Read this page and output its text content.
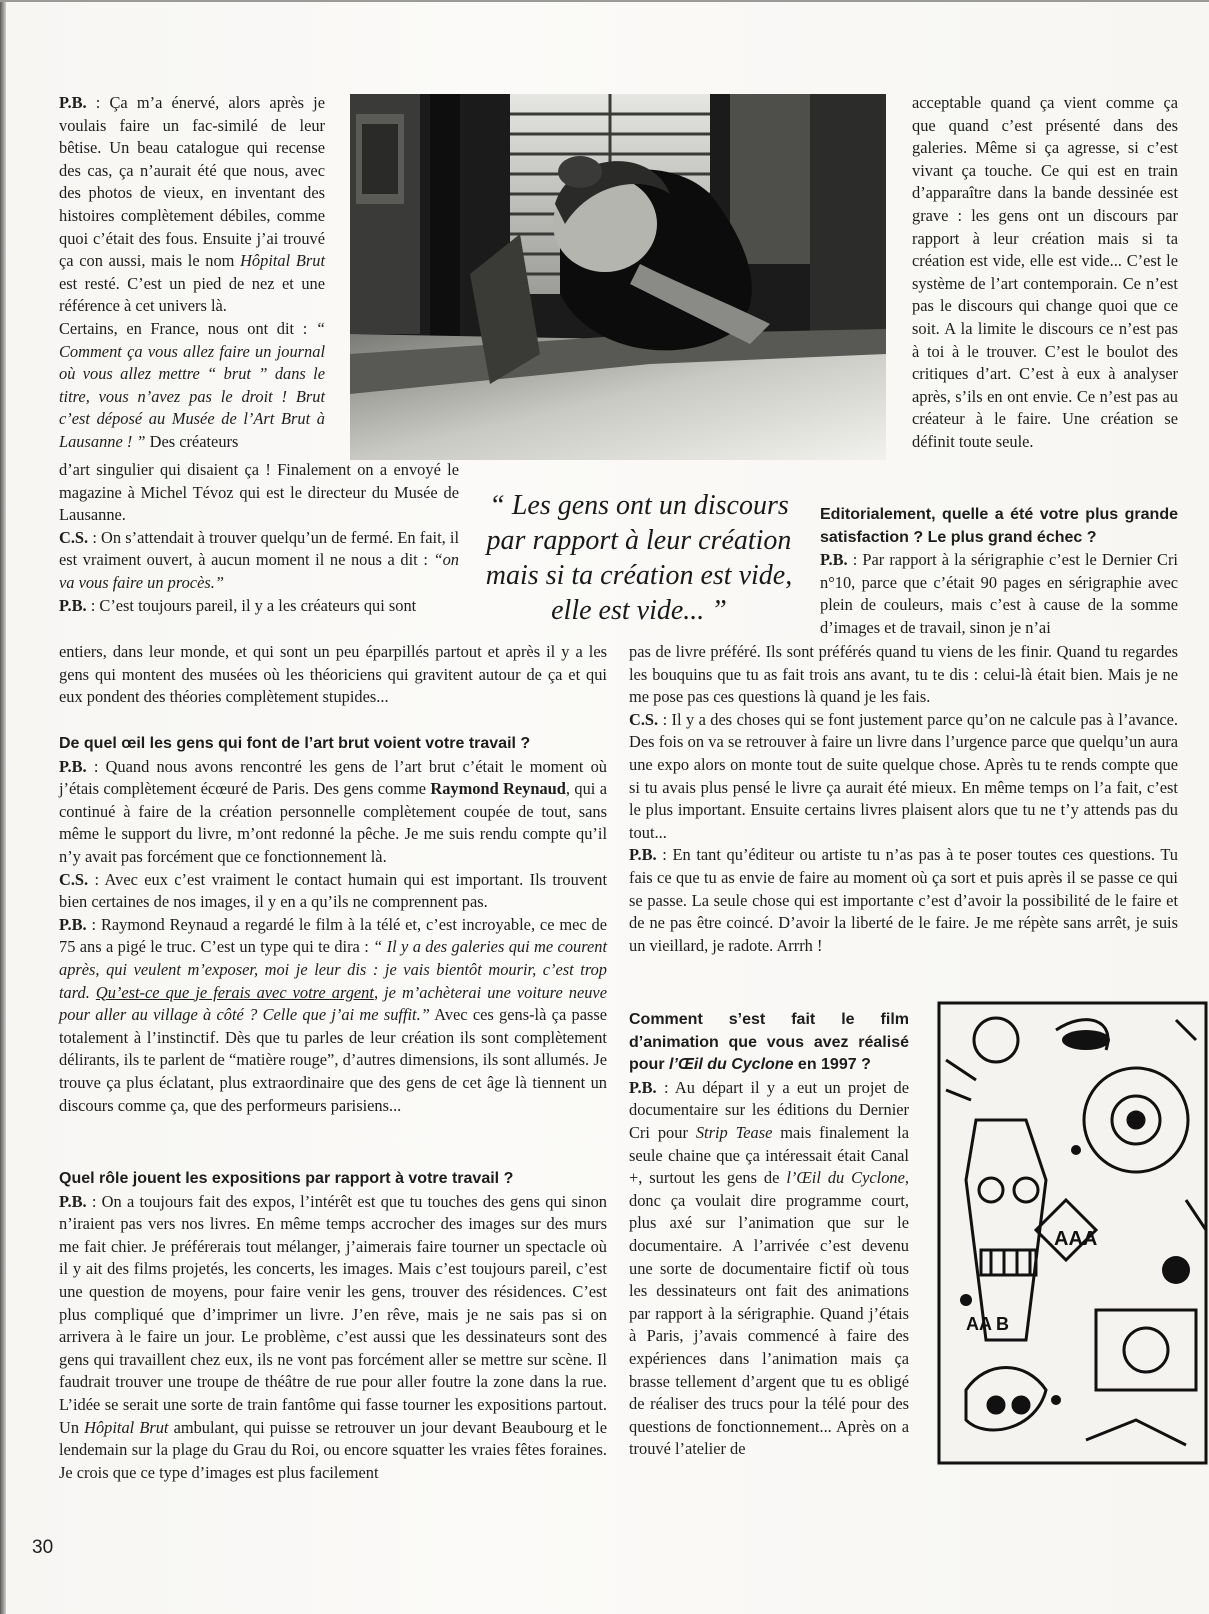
P.B. : Ça m’a énervé, alors après je voulais faire un fac-similé de leur bêtise. Un beau catalogue qui recense des cas, ça n’aurait été que nous, avec des photos de vieux, en inventant des histoires complètement débiles, comme quoi c’était des fous. Ensuite j’ai trouvé ça con aussi, mais le nom Hôpital Brut est resté. C’est un pied de nez et une référence à cet univers là.

Certains, en France, nous ont dit : “ Comment ça vous allez faire un journal où vous allez mettre “ brut ” dans le titre, vous n’avez pas le droit ! Brut c’est déposé au Musée de l’Art Brut à Lausanne ! ” Des créateurs

d’art singulier qui disaient ça ! Finalement on a envoyé le magazine à Michel Tévoz qui est le directeur du Musée de Lausanne.

C.S. : On s’attendait à trouver quelqu’un de fermé. En fait, il est vraiment ouvert, à aucun moment il ne nous a dit : “on va vous faire un procès.”

P.B. : C’est toujours pareil, il y a les créateurs qui sont

“ Les gens ont un discours par rapport à leur création mais si ta création est vide, elle est vide... ”

entiers, dans leur monde, et qui sont un peu éparpillés partout et après il y a les gens qui montent des musées où les théoriciens qui gravitent autour de ça et qui eux pondent des théories complètement stupides...

De quel œil les gens qui font de l’art brut voient votre travail ?

P.B. : Quand nous avons rencontré les gens de l’art brut c’était le moment où j’étais complètement écœuré de Paris. Des gens comme Raymond Reynaud, qui a continué à faire de la création personnelle complètement coupée de tout, sans même le support du livre, m’ont redonné la pêche. Je me suis rendu compte qu’il n’y avait pas forcément que ce fonctionnement là.

C.S. : Avec eux c’est vraiment le contact humain qui est important. Ils trouvent bien certaines de nos images, il y en a qu’ils ne comprennent pas.

P.B. : Raymond Reynaud a regardé le film à la télé et, c’est incroyable, ce mec de 75 ans a pigé le truc. C’est un type qui te dira : “ Il y a des galeries qui me courent après, qui veulent m’exposer, moi je leur dis : je vais bientôt mourir, c’est trop tard. Qu’est-ce que je ferais avec votre argent, je m’achèterai une voiture neuve pour aller au village à côté ? Celle que j’ai me suffit.” Avec ces gens-là ça passe totalement à l’instinctif. Dès que tu parles de leur création ils sont complètement délirants, ils te parlent de “matière rouge”, d’autres dimensions, ils sont allumés. Je trouve ça plus éclatant, plus extraordinaire que des gens de cet âge là tiennent un discours comme ça, que des performeurs parisiens...

Quel rôle jouent les expositions par rapport à votre travail ?

P.B. : On a toujours fait des expos, l’intérêt est que tu touches des gens qui sinon n’iraient pas vers nos livres. En même temps accrocher des images sur des murs me fait chier. Je préférerais tout mélanger, j’aimerais faire tourner un spectacle où il y ait des films projetés, les concerts, les images. Mais c’est toujours pareil, c’est une question de moyens, pour faire venir les gens, trouver des résidences. C’est plus compliqué que d’imprimer un livre. J’en rêve, mais je ne sais pas si on arrivera à le faire un jour. Le problème, c’est aussi que les dessinateurs sont des gens qui travaillent chez eux, ils ne vont pas forcément aller se mettre sur scène. Il faudrait trouver une troupe de théâtre de rue pour aller foutre la zone dans la rue. L’idée se serait une sorte de train fantôme qui fasse tourner les expositions partout. Un Hôpital Brut ambulant, qui puisse se retrouver un jour devant Beaubourg et le lendemain sur la plage du Grau du Roi, ou encore squatter les vraies fêtes foraines. Je crois que ce type d’images est plus facilement

acceptable quand ça vient comme ça que quand c’est présenté dans des galeries. Même si ça agresse, si c’est vivant ça touche. Ce qui est en train d’apparaître dans la bande dessinée est grave : les gens ont un discours par rapport à leur création mais si ta création est vide, elle est vide... C’est le système de l’art contemporain. Ce n’est pas le discours qui change quoi que ce soit. A la limite le discours ce n’est pas à toi à le trouver. C’est le boulot des critiques d’art. C’est à eux à analyser après, s’ils en ont envie. Ce n’est pas au créateur à le faire. Une création se définit toute seule.

Editorialement, quelle a été votre plus grande satisfaction ? Le plus grand échec ?

P.B. : Par rapport à la sérigraphie c’est le Dernier Cri n°10, parce que c’était 90 pages en sérigraphie avec plein de couleurs, mais c’est à cause de la somme d’images et de travail, sinon je n’ai

pas de livre préféré. Ils sont préférés quand tu viens de les finir. Quand tu regardes les bouquins que tu as fait trois ans avant, tu te dis : celui-là était bien. Mais je ne me pose pas ces questions là quand je les fais.

C.S. : Il y a des choses qui se font justement parce qu’on ne calcule pas à l’avance. Des fois on va se retrouver à faire un livre dans l’urgence parce que quelqu’un aura une expo alors on monte tout de suite quelque chose. Après tu te rends compte que si tu avais plus pensé le livre ça aurait été mieux. En même temps on l’a fait, c’est le plus important. Ensuite certains livres plaisent alors que tu ne t’y attends pas du tout...

P.B. : En tant qu’éditeur ou artiste tu n’as pas à te poser toutes ces questions. Tu fais ce que tu as envie de faire au moment où ça sort et puis après il se passe ce qui se passe. La seule chose qui est importante c’est d’avoir la possibilité de le faire et de ne pas être coincé. D’avoir la liberté de le faire. Je me répète sans arrêt, je suis un vieillard, je radote. Arrrh !

Comment s’est fait le film d’animation que vous avez réalisé pour l’Œil du Cyclone en 1997 ?

P.B. : Au départ il y a eut un projet de documentaire sur les éditions du Dernier Cri pour Strip Tease mais finalement la seule chaine que ça intéressait était Canal +, surtout les gens de l’Œil du Cyclone, donc ça voulait dire programme court, plus axé sur l’animation que sur le documentaire. A l’arrivée c’est devenu une sorte de documentaire fictif où tous les dessinateurs ont fait des animations par rapport à la sérigraphie. Quand j’étais à Paris, j’avais commencé à faire des expériences dans l’animation mais ça brasse tellement d’argent que tu es obligé de réaliser des trucs pour la télé pour des questions de fonctionnement... Après on a trouvé l’atelier de

AAA
AA B
30
